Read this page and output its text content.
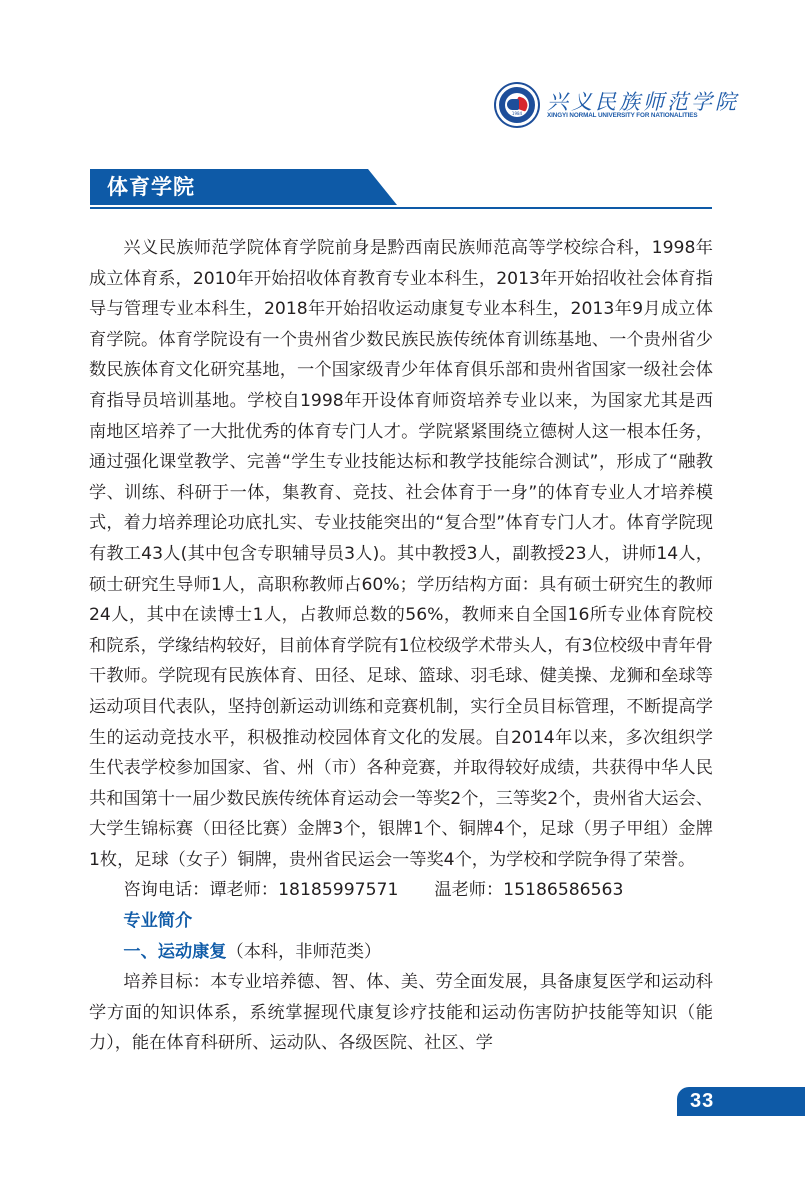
1984	兴义民族师范学院
XINGYI NORMAL UNIVERSITY FOR NATIONALITIES
体育学院

兴义民族师范学院体育学院前身是黔西南民族师范高等学校综合科，1998年成立体育系，2010年开始招收体育教育专业本科生，2013年开始招收社会体育指导与管理专业本科生，2018年开始招收运动康复专业本科生，2013年9月成立体育学院。体育学院设有一个贵州省少数民族民族传统体育训练基地、一个贵州省少数民族体育文化研究基地，一个国家级青少年体育俱乐部和贵州省国家一级社会体育指导员培训基地。学校自1998年开设体育师资培养专业以来，为国家尤其是西南地区培养了一大批优秀的体育专门人才。学院紧紧围绕立德树人这一根本任务，通过强化课堂教学、完善“学生专业技能达标和教学技能综合测试”，形成了“融教学、训练、科研于一体，集教育、竞技、社会体育于一身”的体育专业人才培养模式，着力培养理论功底扎实、专业技能突出的“复合型”体育专门人才。体育学院现有教工43人(其中包含专职辅导员3人)。其中教授3人，副教授23人，讲师14人，硕士研究生导师1人，高职称教师占60%；学历结构方面：具有硕士研究生的教师24人，其中在读博士1人，占教师总数的56%，教师来自全国16所专业体育院校和院系，学缘结构较好，目前体育学院有1位校级学术带头人，有3位校级中青年骨干教师。学院现有民族体育、田径、足球、篮球、羽毛球、健美操、龙狮和垒球等运动项目代表队，坚持创新运动训练和竞赛机制，实行全员目标管理，不断提高学生的运动竞技水平，积极推动校园体育文化的发展。自2014年以来，多次组织学生代表学校参加国家、省、州（市）各种竞赛，并取得较好成绩，共获得中华人民共和国第十一届少数民族传统体育运动会一等奖2个，三等奖2个，贵州省大运会、大学生锦标赛（田径比赛）金牌3个，银牌1个、铜牌4个，足球（男子甲组）金牌1枚，足球（女子）铜牌，贵州省民运会一等奖4个，为学校和学院争得了荣誉。

咨询电话：谭老师：18185997571 温老师：15186586563

专业简介

一、运动康复（本科，非师范类）

培养目标：本专业培养德、智、体、美、劳全面发展，具备康复医学和运动科学方面的知识体系，系统掌握现代康复诊疗技能和运动伤害防护技能等知识（能力），能在体育科研所、运动队、各级医院、社区、学

33
